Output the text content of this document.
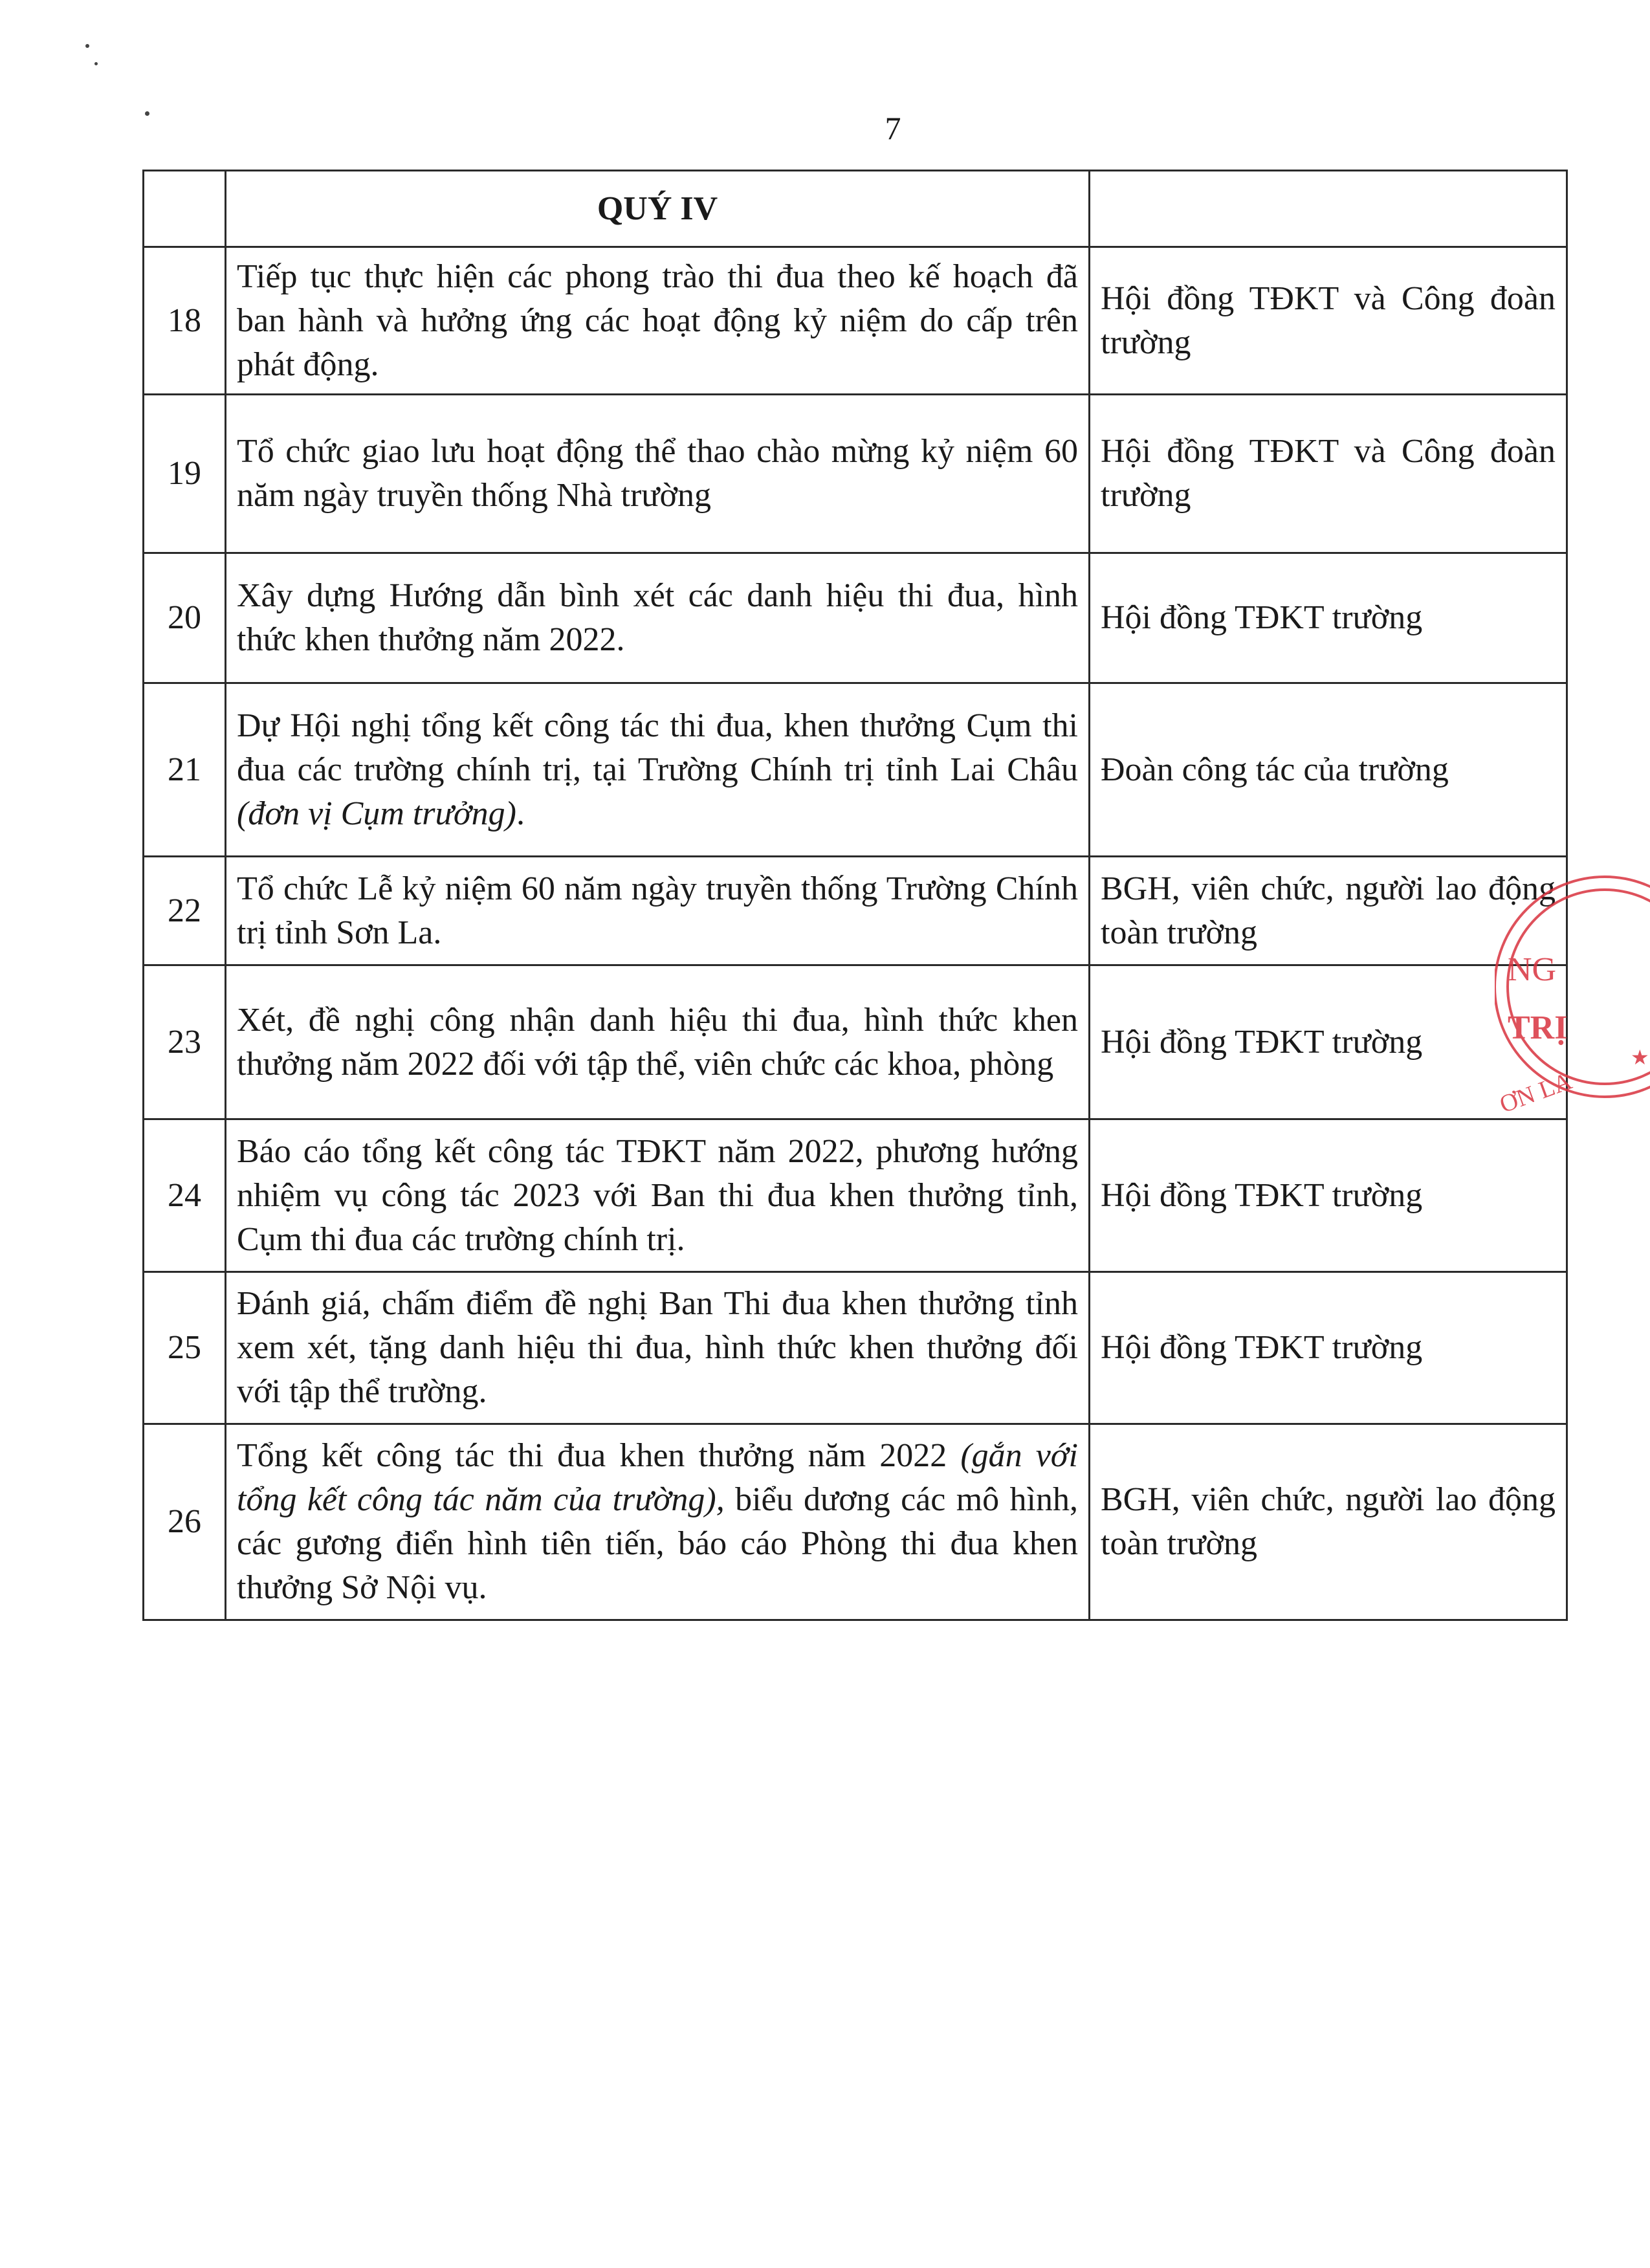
7
	QUÝ IV	
18	Tiếp tục thực hiện các phong trào thi đua theo kế hoạch đã ban hành và hưởng ứng các hoạt động kỷ niệm do cấp trên phát động.	Hội đồng TĐKT và Công đoàn trường
19	Tổ chức giao lưu hoạt động thể thao chào mừng kỷ niệm 60 năm ngày truyền thống Nhà trường	Hội đồng TĐKT và Công đoàn trường
20	Xây dựng Hướng dẫn bình xét các danh hiệu thi đua, hình thức khen thưởng năm 2022.	Hội đồng TĐKT trường
21	Dự Hội nghị tổng kết công tác thi đua, khen thưởng Cụm thi đua các trường chính trị, tại Trường Chính trị tỉnh Lai Châu (đơn vị Cụm trưởng).	Đoàn công tác của trường
22	Tổ chức Lễ kỷ niệm 60 năm ngày truyền thống Trường Chính trị tỉnh Sơn La.	BGH, viên chức, người lao động toàn trường
23	Xét, đề nghị công nhận danh hiệu thi đua, hình thức khen thưởng năm 2022 đối với tập thể, viên chức các khoa, phòng	Hội đồng TĐKT trường
24	Báo cáo tổng kết công tác TĐKT năm 2022, phương hướng nhiệm vụ công tác 2023 với Ban thi đua khen thưởng tỉnh, Cụm thi đua các trường chính trị.	Hội đồng TĐKT trường
25	Đánh giá, chấm điểm đề nghị Ban Thi đua khen thưởng tỉnh xem xét, tặng danh hiệu thi đua, hình thức khen thưởng đối với tập thể trường.	Hội đồng TĐKT trường
26	Tổng kết công tác thi đua khen thưởng năm 2022 (gắn với tổng kết công tác năm của trường), biểu dương các mô hình, các gương điển hình tiên tiến, báo cáo Phòng thi đua khen thưởng Sở Nội vụ.	BGH, viên chức, người lao động toàn trường
NG
TRỊ
ƠN LA
★
